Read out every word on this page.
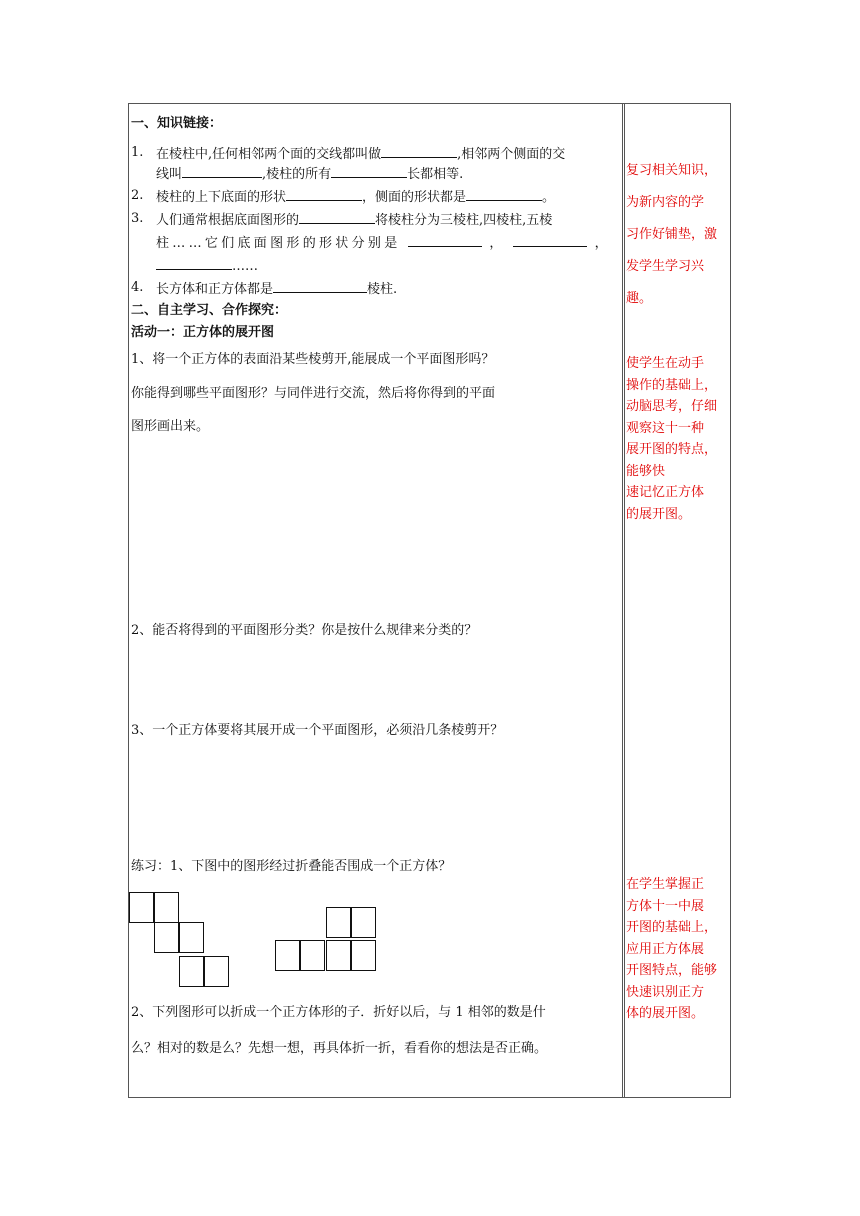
一、知识链接：
1. 在棱柱中,任何相邻两个面的交线都叫做	,相邻两个侧面的交
线叫	,棱柱的所有	长都相等.
2. 棱柱的上下底面的形状	，侧面的形状都是	。
3. 人们通常根据底面图形的	将棱柱分为三棱柱,四棱柱,五棱
柱……它们底面图形的形状分别是	，	，
……
4. 长方体和正方体都是	棱柱.
二、自主学习、合作探究：
活动一：正方体的展开图
1、将一个正方体的表面沿某些棱剪开,能展成一个平面图形吗？
你能得到哪些平面图形？与同伴进行交流，然后将你得到的平面
图形画出来。
2、能否将得到的平面图形分类？你是按什么规律来分类的？
3、一个正方体要将其展开成一个平面图形，必须沿几条棱剪开？
练习：1、下图中的图形经过折叠能否围成一个正方体？
2、下列图形可以折成一个正方体形的子．折好以后，与 1 相邻的数是什
么？相对的数是么？先想一想，再具体折一折，看看你的想法是否正确。
复习相关知识，
为新内容的学
习作好铺垫，激
发学生学习兴
趣。
使学生在动手
操作的基础上，
动脑思考，仔细
观察这十一种
展开图的特点，
能够快
速记忆正方体
的展开图。
在学生掌握正
方体十一中展
开图的基础上，
应用正方体展
开图特点，能够
快速识别正方
体的展开图。
